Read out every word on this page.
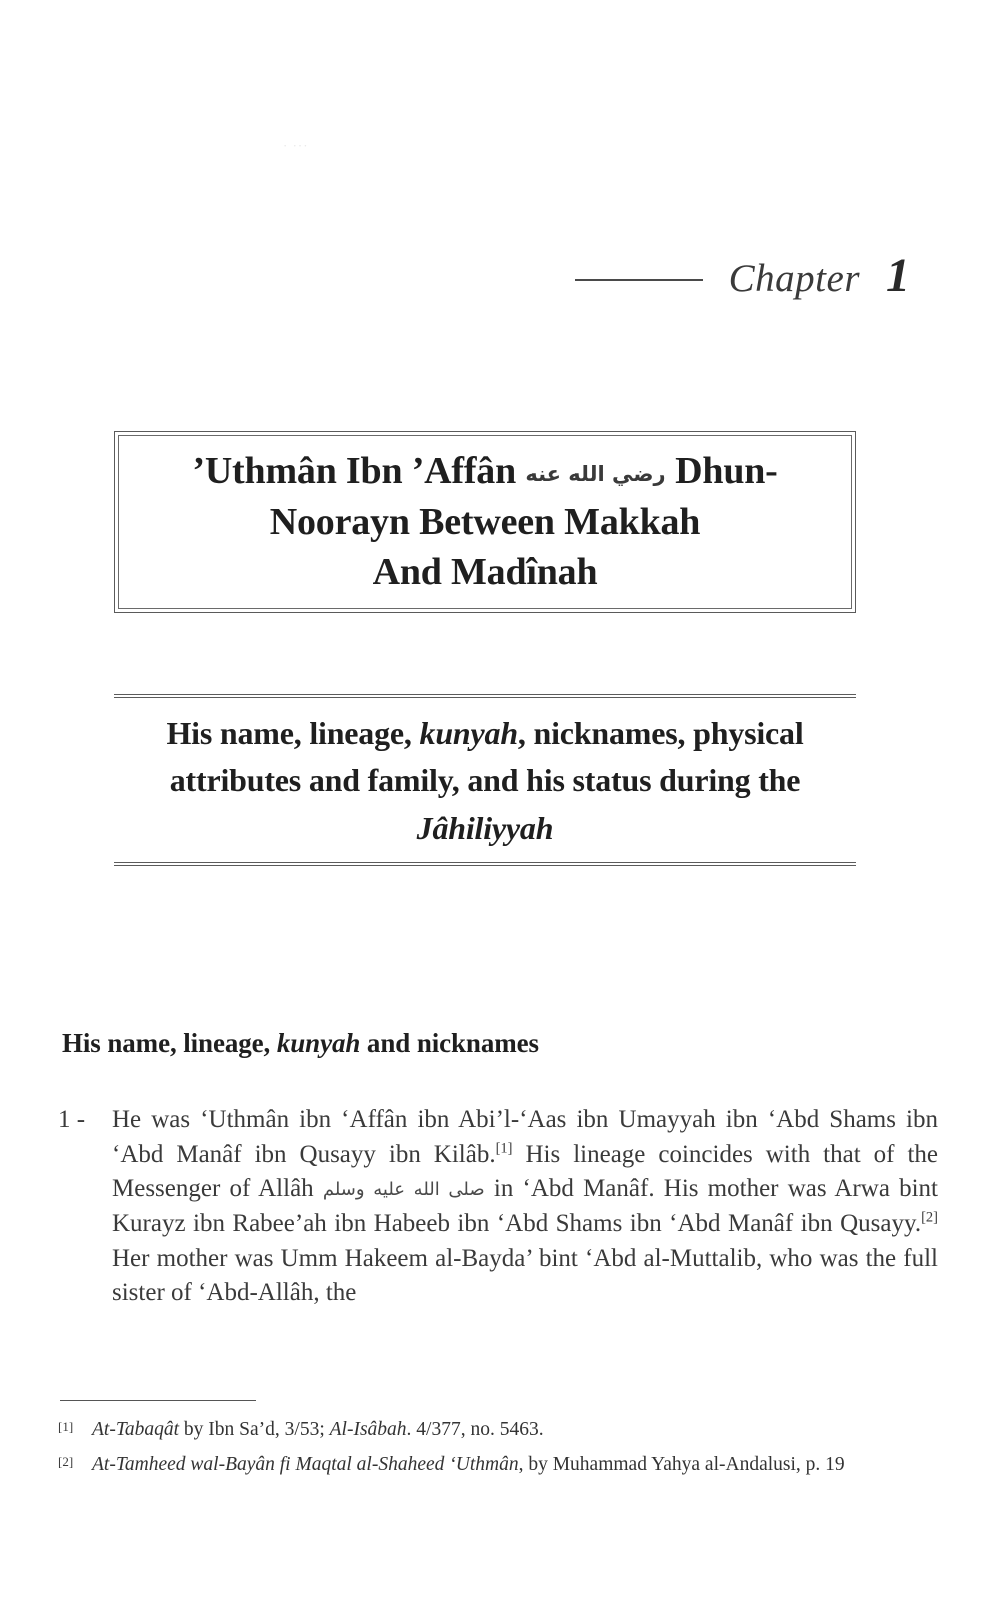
· ···
Chapter 1
’Uthmân Ibn ’Affân رضي الله عنه Dhun-
Noorayn Between Makkah
And Madînah
His name, lineage, kunyah, nicknames, physical attributes and family, and his status during the Jâhiliyyah
His name, lineage, kunyah and nicknames
1 -	He was ‘Uthmân ibn ‘Affân ibn Abi’l-‘Aas ibn Umayyah ibn ‘Abd Shams ibn ‘Abd Manâf ibn Qusayy ibn Kilâb.[1] His lineage coincides with that of the Messenger of Allâh صلى الله عليه وسلم in ‘Abd Manâf. His mother was Arwa bint Kurayz ibn Rabee’ah ibn Habeeb ibn ‘Abd Shams ibn ‘Abd Manâf ibn Qusayy.[2] Her mother was Umm Hakeem al-Bayda’ bint ‘Abd al-Muttalib, who was the full sister of ‘Abd-Allâh, the
[1] At-Tabaqât by Ibn Sa’d, 3/53; Al-Isâbah. 4/377, no. 5463.
[2] At-Tamheed wal-Bayân fi Maqtal al-Shaheed ‘Uthmân, by Muhammad Yahya al-Andalusi, p. 19
